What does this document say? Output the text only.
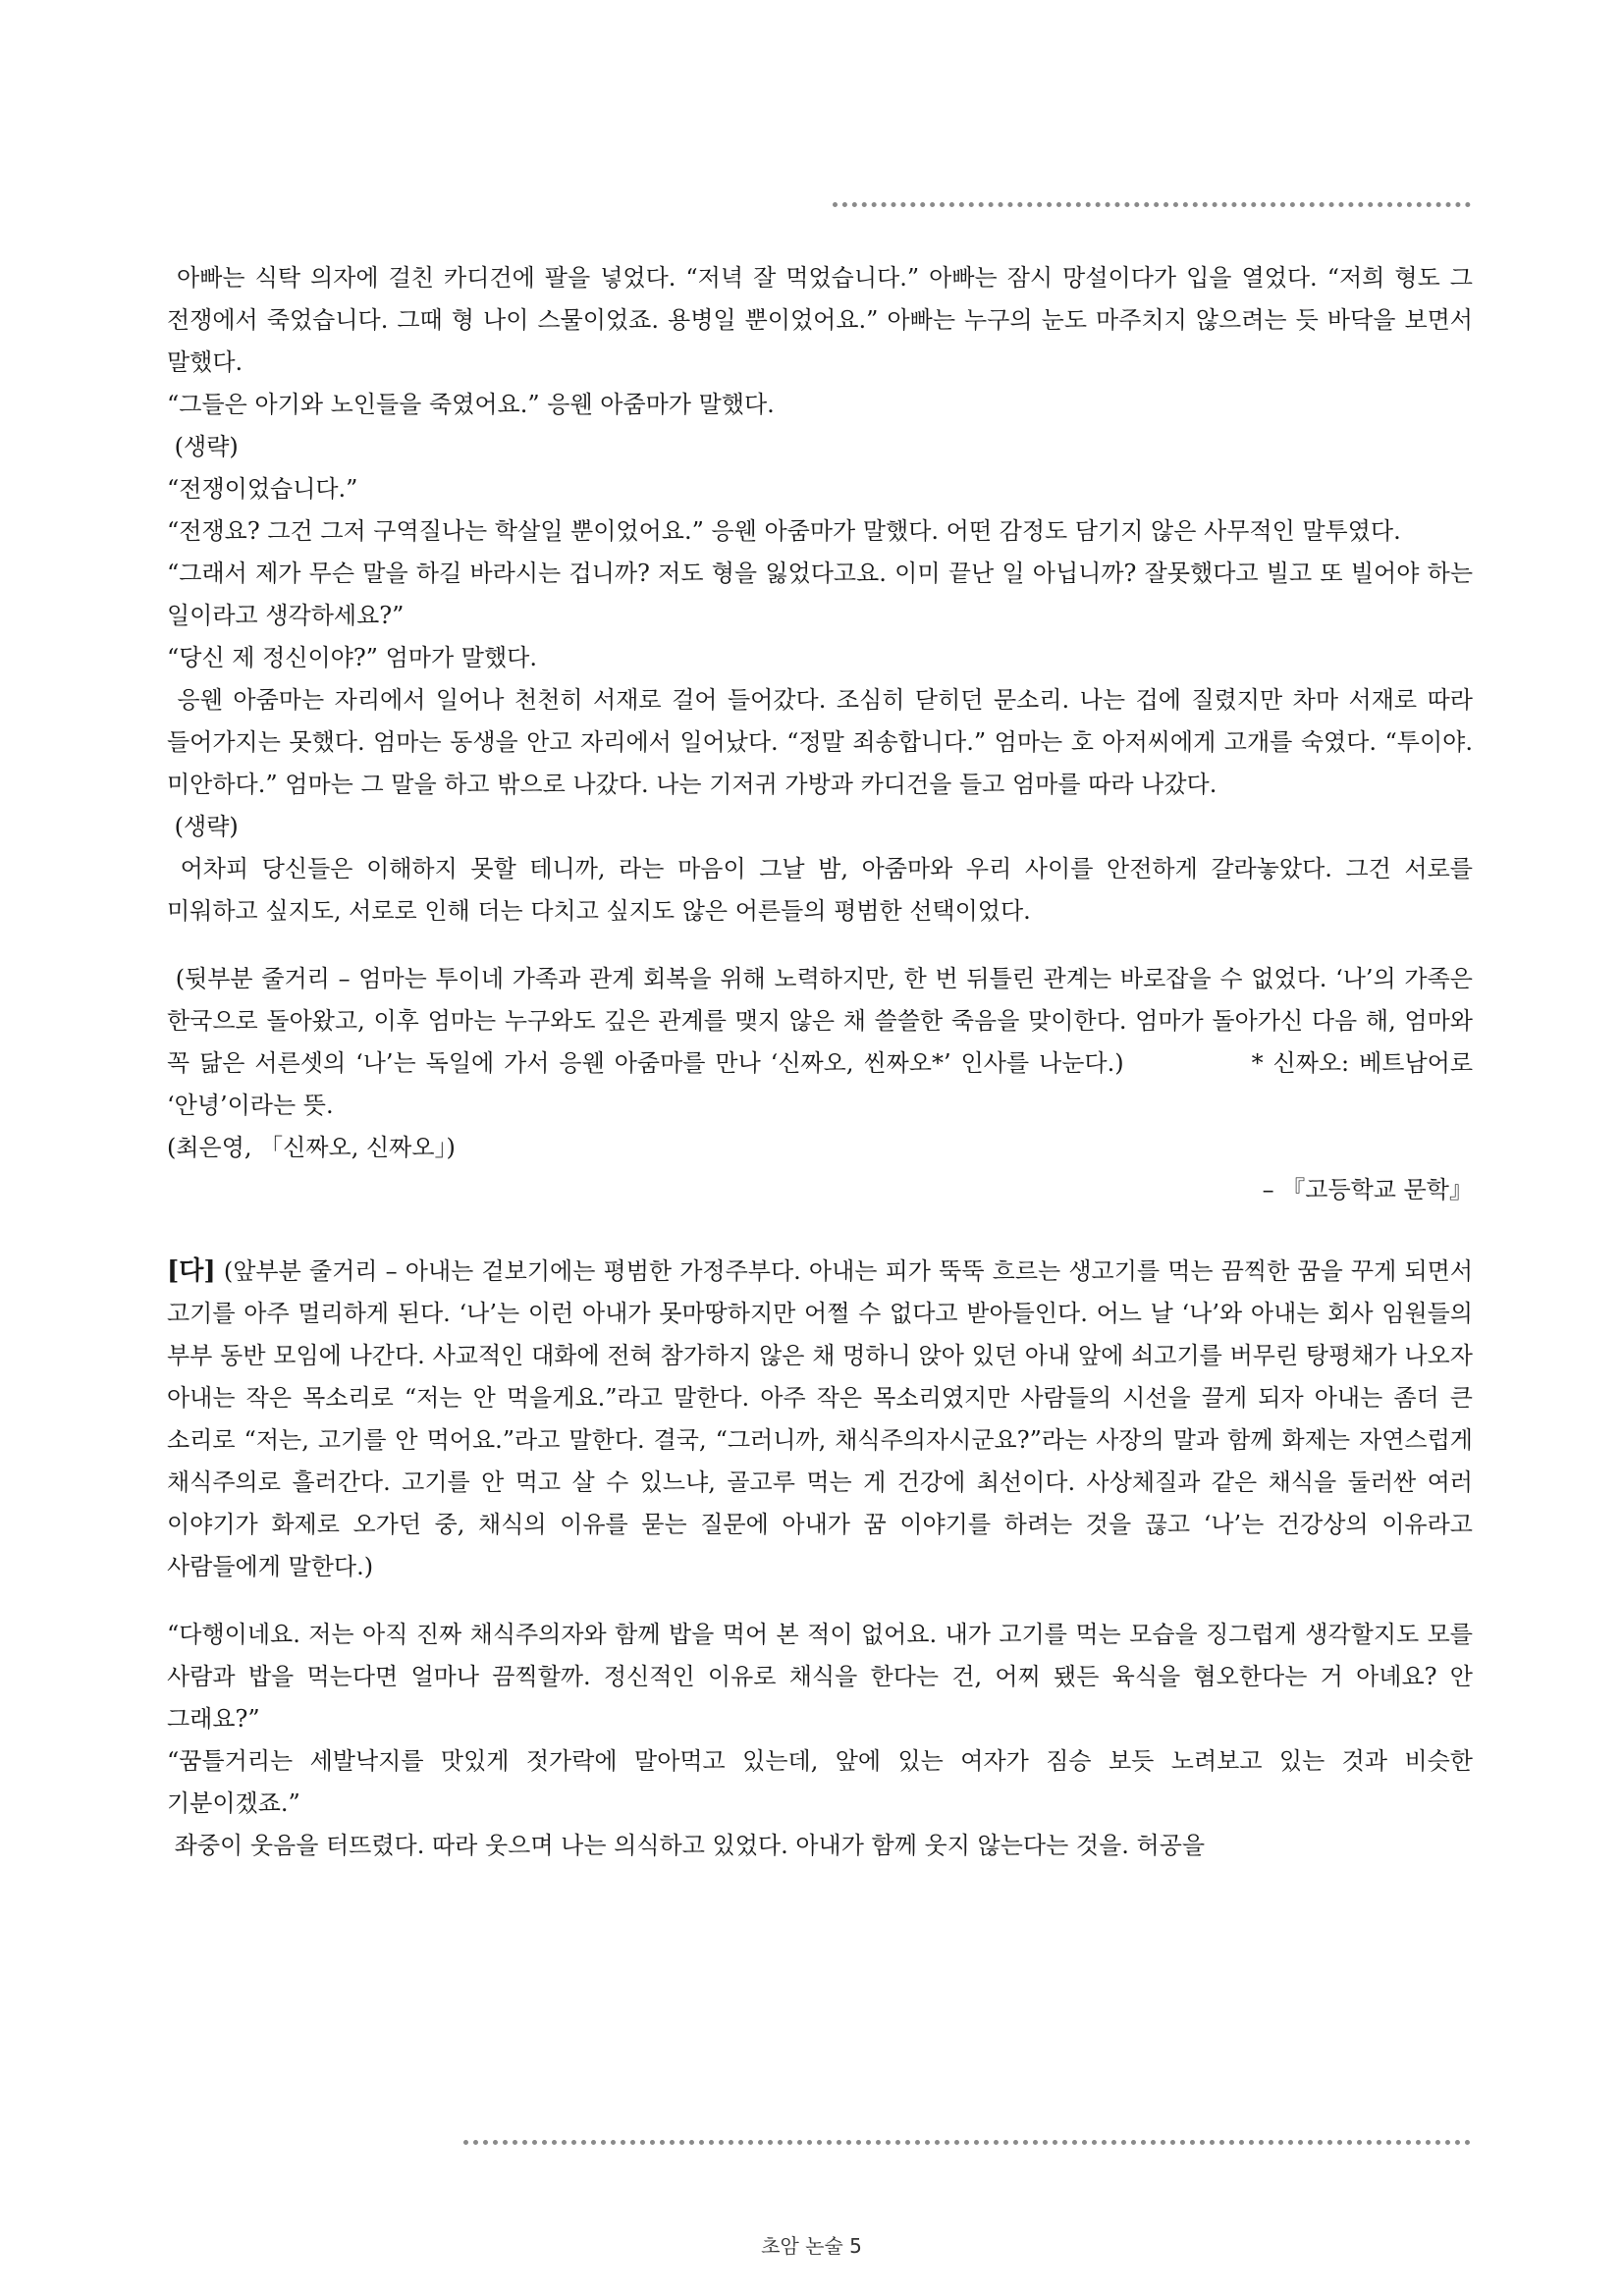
아빠는 식탁 의자에 걸친 카디건에 팔을 넣었다. “저녁 잘 먹었습니다.” 아빠는 잠시 망설이다가 입을 열었다. “저희 형도 그 전쟁에서 죽었습니다. 그때 형 나이 스물이었죠. 용병일 뿐이었어요.” 아빠는 누구의 눈도 마주치지 않으려는 듯 바닥을 보면서 말했다.

“그들은 아기와 노인들을 죽였어요.” 응웬 아줌마가 말했다.

(생략)

“전쟁이었습니다.”

“전쟁요? 그건 그저 구역질나는 학살일 뿐이었어요.” 응웬 아줌마가 말했다. 어떤 감정도 담기지 않은 사무적인 말투였다.

“그래서 제가 무슨 말을 하길 바라시는 겁니까? 저도 형을 잃었다고요. 이미 끝난 일 아닙니까? 잘못했다고 빌고 또 빌어야 하는 일이라고 생각하세요?”

“당신 제 정신이야?” 엄마가 말했다.

응웬 아줌마는 자리에서 일어나 천천히 서재로 걸어 들어갔다. 조심히 닫히던 문소리. 나는 겁에 질렸지만 차마 서재로 따라 들어가지는 못했다. 엄마는 동생을 안고 자리에서 일어났다. “정말 죄송합니다.” 엄마는 호 아저씨에게 고개를 숙였다. “투이야. 미안하다.” 엄마는 그 말을 하고 밖으로 나갔다. 나는 기저귀 가방과 카디건을 들고 엄마를 따라 나갔다.

(생략)

어차피 당신들은 이해하지 못할 테니까, 라는 마음이 그날 밤, 아줌마와 우리 사이를 안전하게 갈라놓았다. 그건 서로를 미워하고 싶지도, 서로로 인해 더는 다치고 싶지도 않은 어른들의 평범한 선택이었다.

(뒷부분 줄거리 – 엄마는 투이네 가족과 관계 회복을 위해 노력하지만, 한 번 뒤틀린 관계는 바로잡을 수 없었다. ‘나’의 가족은 한국으로 돌아왔고, 이후 엄마는 누구와도 깊은 관계를 맺지 않은 채 쓸쓸한 죽음을 맞이한다. 엄마가 돌아가신 다음 해, 엄마와 꼭 닮은 서른셋의 ‘나’는 독일에 가서 응웬 아줌마를 만나 ‘신짜오, 씬짜오*’ 인사를 나눈다.)	* 신짜오: 베트남어로 ‘안녕’이라는 뜻.

(최은영, 「신짜오, 신짜오」)

– 『고등학교 문학』

[다] (앞부분 줄거리 – 아내는 겉보기에는 평범한 가정주부다. 아내는 피가 뚝뚝 흐르는 생고기를 먹는 끔찍한 꿈을 꾸게 되면서 고기를 아주 멀리하게 된다. ‘나’는 이런 아내가 못마땅하지만 어쩔 수 없다고 받아들인다. 어느 날 ‘나’와 아내는 회사 임원들의 부부 동반 모임에 나간다. 사교적인 대화에 전혀 참가하지 않은 채 멍하니 앉아 있던 아내 앞에 쇠고기를 버무린 탕평채가 나오자 아내는 작은 목소리로 “저는 안 먹을게요.”라고 말한다. 아주 작은 목소리였지만 사람들의 시선을 끌게 되자 아내는 좀더 큰 소리로 “저는, 고기를 안 먹어요.”라고 말한다. 결국, “그러니까, 채식주의자시군요?”라는 사장의 말과 함께 화제는 자연스럽게 채식주의로 흘러간다. 고기를 안 먹고 살 수 있느냐, 골고루 먹는 게 건강에 최선이다. 사상체질과 같은 채식을 둘러싼 여러 이야기가 화제로 오가던 중, 채식의 이유를 묻는 질문에 아내가 꿈 이야기를 하려는 것을 끊고 ‘나’는 건강상의 이유라고 사람들에게 말한다.)

“다행이네요. 저는 아직 진짜 채식주의자와 함께 밥을 먹어 본 적이 없어요. 내가 고기를 먹는 모습을 징그럽게 생각할지도 모를 사람과 밥을 먹는다면 얼마나 끔찍할까. 정신적인 이유로 채식을 한다는 건, 어찌 됐든 육식을 혐오한다는 거 아녜요? 안 그래요?”

“꿈틀거리는 세발낙지를 맛있게 젓가락에 말아먹고 있는데, 앞에 있는 여자가 짐승 보듯 노려보고 있는 것과 비슷한 기분이겠죠.”

좌중이 웃음을 터뜨렸다. 따라 웃으며 나는 의식하고 있었다. 아내가 함께 웃지 않는다는 것을. 허공을

초암 논술 5
